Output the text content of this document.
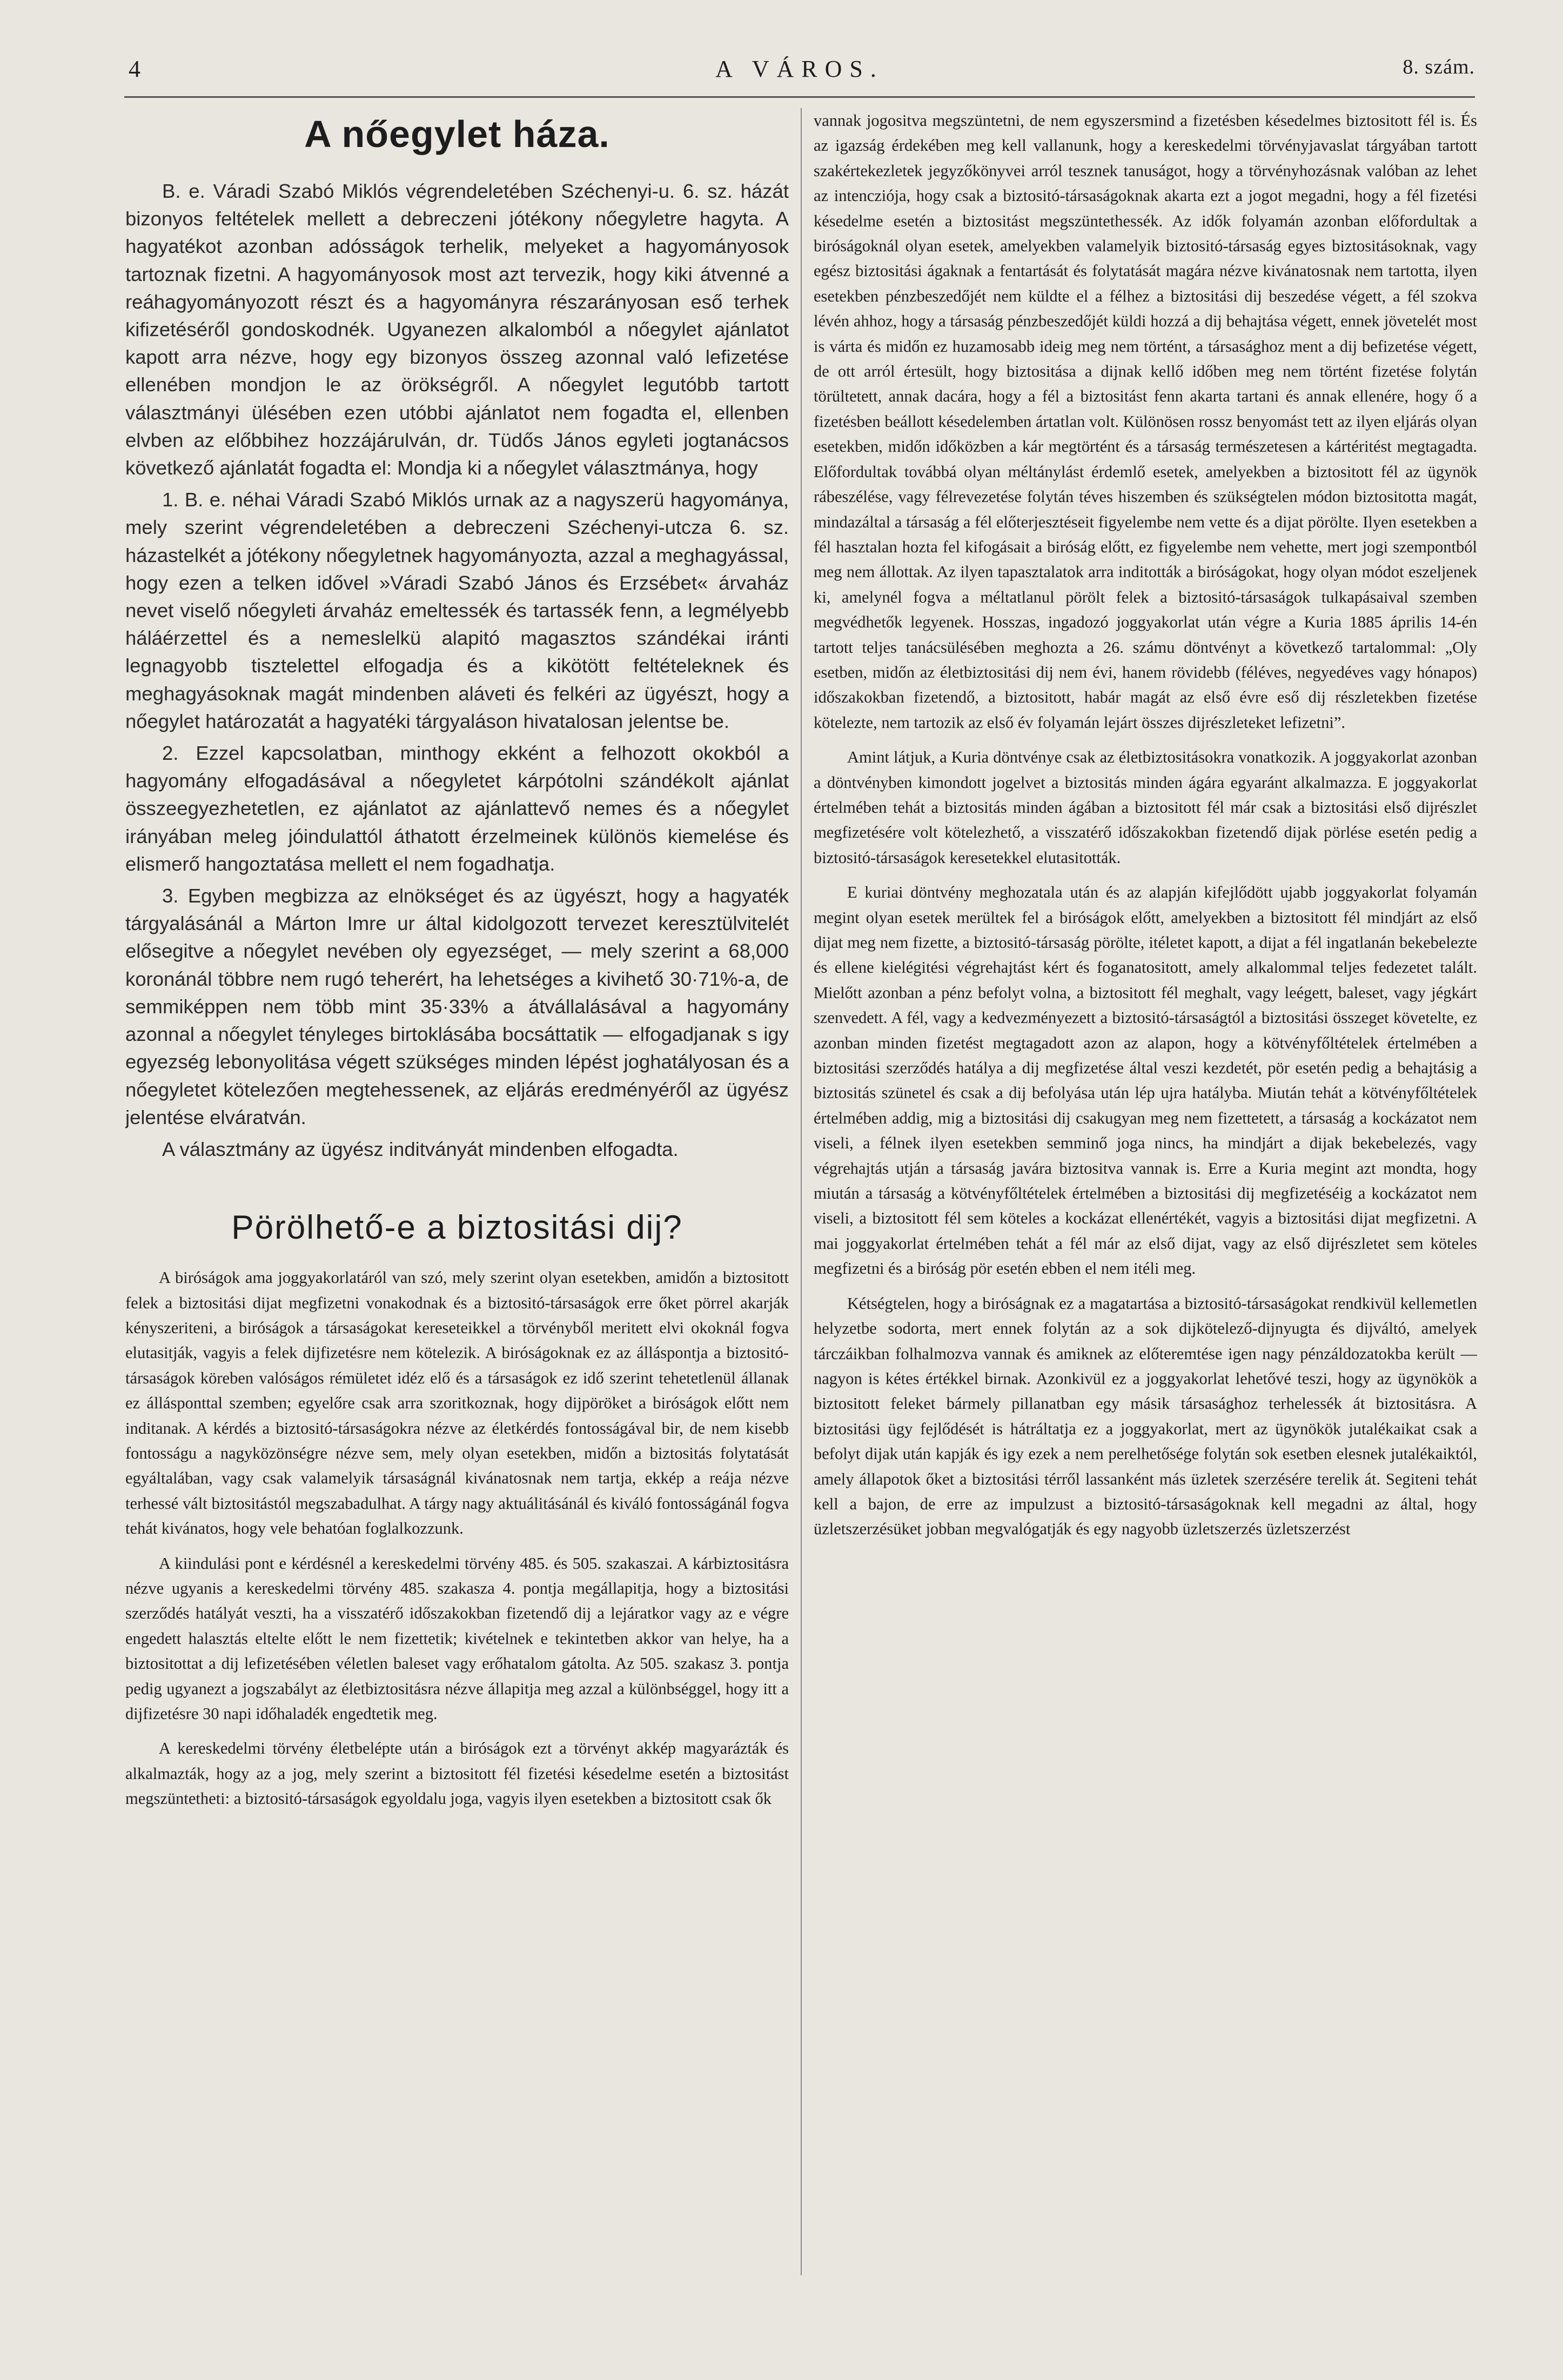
4	A VÁROS.	8. szám.
A nőegylet háza.

B. e. Váradi Szabó Miklós végrendeletében Széchenyi-u. 6. sz. házát bizonyos feltételek mellett a debreczeni jótékony nőegyletre hagyta. A hagyatékot azonban adósságok terhelik, melyeket a hagyományosok tartoznak fizetni. A hagyományosok most azt tervezik, hogy kiki átvenné a reáhagyományozott részt és a hagyományra részarányosan eső terhek kifizetéséről gondoskodnék. Ugyanezen alkalomból a nőegylet ajánlatot kapott arra nézve, hogy egy bizonyos összeg azonnal való lefizetése ellenében mondjon le az örökségről. A nőegylet legutóbb tartott választmányi ülésében ezen utóbbi ajánlatot nem fogadta el, ellenben elvben az előbbihez hozzájárulván, dr. Tüdős János egyleti jogtanácsos következő ajánlatát fogadta el: Mondja ki a nőegylet választmánya, hogy

1. B. e. néhai Váradi Szabó Miklós urnak az a nagyszerü hagyománya, mely szerint végrendeletében a debreczeni Széchenyi-utcza 6. sz. házastelkét a jótékony nőegyletnek hagyományozta, azzal a meghagyással, hogy ezen a telken idővel »Váradi Szabó János és Erzsébet« árvaház nevet viselő nőegyleti árvaház emeltessék és tartassék fenn, a legmélyebb háláérzettel és a nemeslelkü alapitó magasztos szándékai iránti legnagyobb tisztelettel elfogadja és a kikötött feltételeknek és meghagyásoknak magát mindenben aláveti és felkéri az ügyészt, hogy a nőegylet határozatát a hagyatéki tárgyaláson hivatalosan jelentse be.

2. Ezzel kapcsolatban, minthogy ekként a felhozott okokból a hagyomány elfogadásával a nőegyletet kárpótolni szándékolt ajánlat összeegyezhetetlen, ez ajánlatot az ajánlattevő nemes és a nőegylet irányában meleg jóindulattól áthatott érzelmeinek különös kiemelése és elismerő hangoztatása mellett el nem fogadhatja.

3. Egyben megbizza az elnökséget és az ügyészt, hogy a hagyaték tárgyalásánál a Márton Imre ur által kidolgozott tervezet keresztülvitelét elősegitve a nőegylet nevében oly egyezséget, — mely szerint a 68,000 koronánál többre nem rugó teherért, ha lehetséges a kivihető 30·71%-a, de semmiképpen nem több mint 35·33% a átvállalásával a hagyomány azonnal a nőegylet tényleges birtoklásába bocsáttatik — elfogadjanak s igy egyezség lebonyolitása végett szükséges minden lépést joghatályosan és a nőegyletet kötelezően megtehessenek, az eljárás eredményéről az ügyész jelentése elváratván.

A választmány az ügyész inditványát mindenben elfogadta.

Pörölhető-e a biztositási dij?

A biróságok ama joggyakorlatáról van szó, mely szerint olyan esetekben, amidőn a biztositott felek a biztositási dijat megfizetni vonakodnak és a biztositó-társaságok erre őket pörrel akarják kényszeriteni, a biróságok a társaságokat kereseteikkel a törvényből meritett elvi okoknál fogva elutasitják, vagyis a felek dijfizetésre nem kötelezik. A biróságoknak ez az álláspontja a biztositó-társaságok köreben valóságos rémületet idéz elő és a társaságok ez idő szerint tehetetlenül állanak ez állásponttal szemben; egyelőre csak arra szoritkoznak, hogy dijpöröket a biróságok előtt nem inditanak. A kérdés a biztositó-társaságokra nézve az életkérdés fontosságával bir, de nem kisebb fontosságu a nagyközönségre nézve sem, mely olyan esetekben, midőn a biztositás folytatását egyáltalában, vagy csak valamelyik társaságnál kivánatosnak nem tartja, ekkép a reája nézve terhessé vált biztositástól megszabadulhat. A tárgy nagy aktuálitásánál és kiváló fontosságánál fogva tehát kivánatos, hogy vele behatóan foglalkozzunk.

A kiindulási pont e kérdésnél a kereskedelmi törvény 485. és 505. szakaszai. A kárbiztositásra nézve ugyanis a kereskedelmi törvény 485. szakasza 4. pontja megállapitja, hogy a biztositási szerződés hatályát veszti, ha a visszatérő időszakokban fizetendő dij a lejáratkor vagy az e végre engedett halasztás eltelte előtt le nem fizettetik; kivételnek e tekintetben akkor van helye, ha a biztositottat a dij lefizetésében véletlen baleset vagy erőhatalom gátolta. Az 505. szakasz 3. pontja pedig ugyanezt a jogszabályt az életbiztositásra nézve állapitja meg azzal a különbséggel, hogy itt a dijfizetésre 30 napi időhaladék engedtetik meg.

A kereskedelmi törvény életbelépte után a biróságok ezt a törvényt akkép magyarázták és alkalmazták, hogy az a jog, mely szerint a biztositott fél fizetési késedelme esetén a biztositást megszüntetheti: a biztositó-társaságok egyoldalu joga, vagyis ilyen esetekben a biztositott csak ők

vannak jogositva megszüntetni, de nem egyszersmind a fizetésben késedelmes biztositott fél is. És az igazság érdekében meg kell vallanunk, hogy a kereskedelmi törvényjavaslat tárgyában tartott szakértekezletek jegyzőkönyvei arról tesznek tanuságot, hogy a törvényhozásnak valóban az lehet az intencziója, hogy csak a biztositó-társaságoknak akarta ezt a jogot megadni, hogy a fél fizetési késedelme esetén a biztositást megszüntethessék. Az idők folyamán azonban előfordultak a biróságoknál olyan esetek, amelyekben valamelyik biztositó-társaság egyes biztositásoknak, vagy egész biztositási ágaknak a fentartását és folytatását magára nézve kivánatosnak nem tartotta, ilyen esetekben pénzbeszedőjét nem küldte el a félhez a biztositási dij beszedése végett, a fél szokva lévén ahhoz, hogy a társaság pénzbeszedőjét küldi hozzá a dij behajtása végett, ennek jövetelét most is várta és midőn ez huzamosabb ideig meg nem történt, a társasághoz ment a dij befizetése végett, de ott arról értesült, hogy biztositása a dijnak kellő időben meg nem történt fizetése folytán törültetett, annak dacára, hogy a fél a biztositást fenn akarta tartani és annak ellenére, hogy ő a fizetésben beállott késedelemben ártatlan volt. Különösen rossz benyomást tett az ilyen eljárás olyan esetekben, midőn időközben a kár megtörtént és a társaság természetesen a kártéritést megtagadta. Előfordultak továbbá olyan méltánylást érdemlő esetek, amelyekben a biztositott fél az ügynök rábeszélése, vagy félrevezetése folytán téves hiszemben és szükségtelen módon biztositotta magát, mindazáltal a társaság a fél előterjesztéseit figyelembe nem vette és a dijat pörölte. Ilyen esetekben a fél hasztalan hozta fel kifogásait a biróság előtt, ez figyelembe nem vehette, mert jogi szempontból meg nem állottak. Az ilyen tapasztalatok arra inditották a biróságokat, hogy olyan módot eszeljenek ki, amelynél fogva a méltatlanul pörölt felek a biztositó-társaságok tulkapásaival szemben megvédhetők legyenek. Hosszas, ingadozó joggyakorlat után végre a Kuria 1885 április 14-én tartott teljes tanácsülésében meghozta a 26. számu döntvényt a következő tartalommal: „Oly esetben, midőn az életbiztositási dij nem évi, hanem rövidebb (féléves, negyedéves vagy hónapos) időszakokban fizetendő, a biztositott, habár magát az első évre eső dij részletekben fizetése kötelezte, nem tartozik az első év folyamán lejárt összes dijrészleteket lefizetni”.

Amint látjuk, a Kuria döntvénye csak az életbiztositásokra vonatkozik. A joggyakorlat azonban a döntvényben kimondott jogelvet a biztositás minden ágára egyaránt alkalmazza. E joggyakorlat értelmében tehát a biztositás minden ágában a biztositott fél már csak a biztositási első dijrészlet megfizetésére volt kötelezhető, a visszatérő időszakokban fizetendő dijak pörlése esetén pedig a biztositó-társaságok keresetekkel elutasitották.

E kuriai döntvény meghozatala után és az alapján kifejlődött ujabb joggyakorlat folyamán megint olyan esetek merültek fel a biróságok előtt, amelyekben a biztositott fél mindjárt az első dijat meg nem fizette, a biztositó-társaság pörölte, itéletet kapott, a dijat a fél ingatlanán bekebelezte és ellene kielégitési végrehajtást kért és foganatositott, amely alkalommal teljes fedezetet talált. Mielőtt azonban a pénz befolyt volna, a biztositott fél meghalt, vagy leégett, baleset, vagy jégkárt szenvedett. A fél, vagy a kedvezményezett a biztositó-társaságtól a biztositási összeget követelte, ez azonban minden fizetést megtagadott azon az alapon, hogy a kötvényfőltételek értelmében a biztositási szerződés hatálya a dij megfizetése által veszi kezdetét, pör esetén pedig a behajtásig a biztositás szünetel és csak a dij befolyása után lép ujra hatályba. Miután tehát a kötvényfőltételek értelmében addig, mig a biztositási dij csakugyan meg nem fizettetett, a társaság a kockázatot nem viseli, a félnek ilyen esetekben semminő joga nincs, ha mindjárt a dijak bekebelezés, vagy végrehajtás utján a társaság javára biztositva vannak is. Erre a Kuria megint azt mondta, hogy miután a társaság a kötvényfőltételek értelmében a biztositási dij megfizetéséig a kockázatot nem viseli, a biztositott fél sem köteles a kockázat ellenértékét, vagyis a biztositási dijat megfizetni. A mai joggyakorlat értelmében tehát a fél már az első dijat, vagy az első dijrészletet sem köteles megfizetni és a biróság pör esetén ebben el nem itéli meg.

Kétségtelen, hogy a biróságnak ez a magatartása a biztositó-társaságokat rendkivül kellemetlen helyzetbe sodorta, mert ennek folytán az a sok dijkötelező-dijnyugta és dijváltó, amelyek tárczáikban folhalmozva vannak és amiknek az előteremtése igen nagy pénzáldozatokba került — nagyon is kétes értékkel birnak. Azonkivül ez a joggyakorlat lehetővé teszi, hogy az ügynökök a biztositott feleket bármely pillanatban egy másik társasághoz terhelessék át biztositásra. A biztositási ügy fejlődését is hátráltatja ez a joggyakorlat, mert az ügynökök jutalékaikat csak a befolyt dijak után kapják és igy ezek a nem perelhetősége folytán sok esetben elesnek jutalékaiktól, amely állapotok őket a biztositási térről lassanként más üzletek szerzésére terelik át. Segiteni tehát kell a bajon, de erre az impulzust a biztositó-társaságoknak kell megadni az által, hogy üzletszerzésüket jobban megvalógatják és egy nagyobb üzletszerzés üzletszerzést
